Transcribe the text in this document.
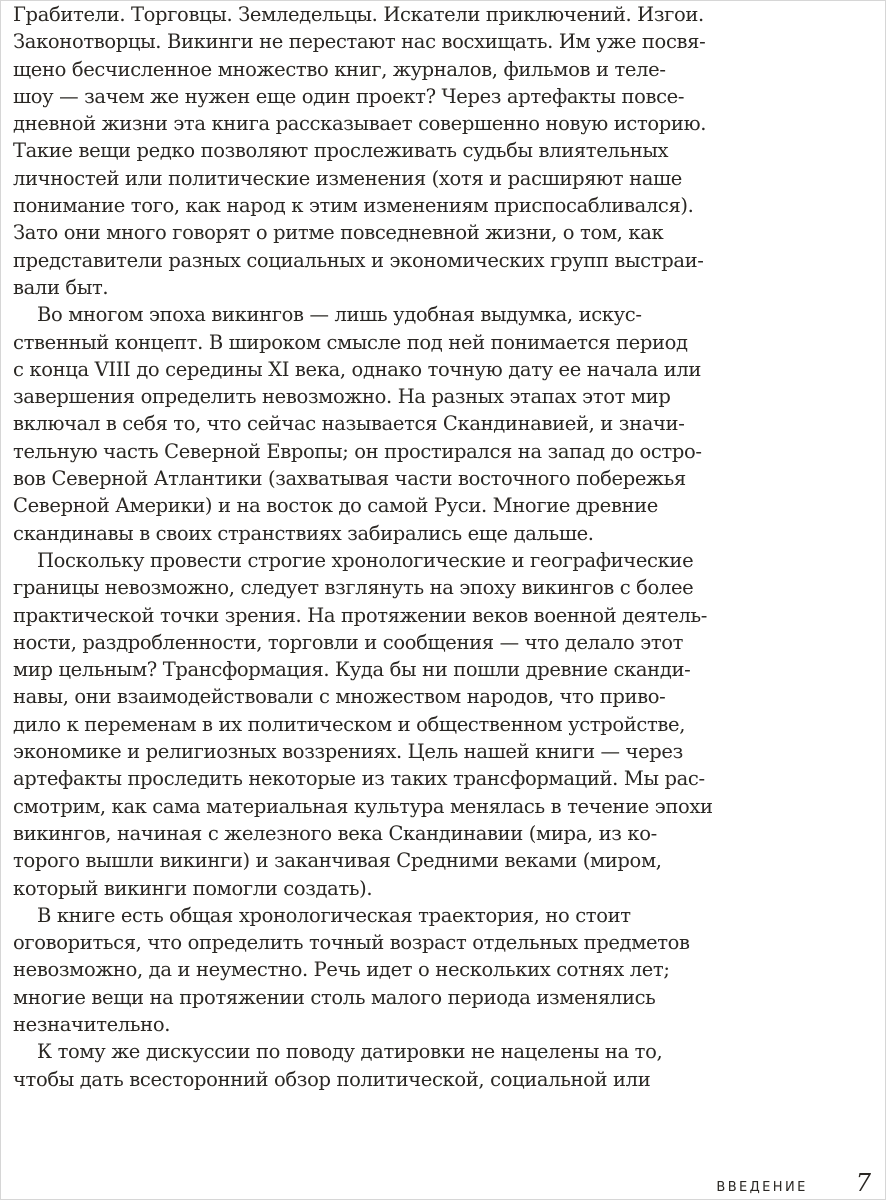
Грабители. Торговцы. Земледельцы. Искатели приключений. Изгои.
Законотворцы. Викинги не перестают нас восхищать. Им уже посвя-
щено бесчисленное множество книг, журналов, фильмов и теле-
шоу — зачем же нужен еще один проект? Через артефакты повсе-
дневной жизни эта книга рассказывает совершенно новую историю.
Такие вещи редко позволяют прослеживать судьбы влиятельных
личностей или политические изменения (хотя и расширяют наше
понимание того, как народ к этим изменениям приспосабливался).
Зато они много говорят о ритме повседневной жизни, о том, как
представители разных социальных и экономических групп выстраи-
вали быт.
Во многом эпоха викингов — лишь удобная выдумка, искус-
ственный концепт. В широком смысле под ней понимается период
с конца VIII до середины XI века, однако точную дату ее начала или
завершения определить невозможно. На разных этапах этот мир
включал в себя то, что сейчас называется Скандинавией, и значи-
тельную часть Северной Европы; он простирался на запад до остро-
вов Северной Атлантики (захватывая части восточного побережья
Северной Америки) и на восток до самой Руси. Многие древние
скандинавы в своих странствиях забирались еще дальше.
Поскольку провести строгие хронологические и географические
границы невозможно, следует взглянуть на эпоху викингов с более
практической точки зрения. На протяжении веков военной деятель-
ности, раздробленности, торговли и сообщения — что делало этот
мир цельным? Трансформация. Куда бы ни пошли древние сканди-
навы, они взаимодействовали с множеством народов, что приво-
дило к переменам в их политическом и общественном устройстве,
экономике и религиозных воззрениях. Цель нашей книги — через
артефакты проследить некоторые из таких трансформаций. Мы рас-
смотрим, как сама материальная культура менялась в течение эпохи
викингов, начиная с железного века Скандинавии (мира, из ко-
торого вышли викинги) и заканчивая Средними веками (миром,
который викинги помогли создать).
В книге есть общая хронологическая траектория, но стоит
оговориться, что определить точный возраст отдельных предметов
невозможно, да и неуместно. Речь идет о нескольких сотнях лет;
многие вещи на протяжении столь малого периода изменялись
незначительно.
К тому же дискуссии по поводу датировки не нацелены на то,
чтобы дать всесторонний обзор политической, социальной или
ВВЕДЕНИЕ 7
